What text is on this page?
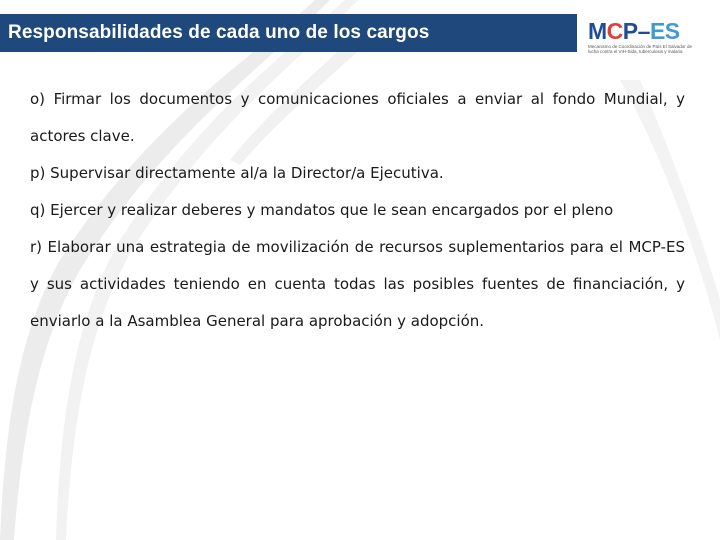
Responsabilidades de cada uno de los cargos	MCP–ES
Mecanismo de Coordinación de País El Salvador de lucha contra el VIH-Sida, tuberculosis y malaria

o) Firmar los documentos y comunicaciones oficiales a enviar al fondo Mundial, y actores clave.

p) Supervisar directamente al/a la Director/a Ejecutiva.

q) Ejercer y realizar deberes y mandatos que le sean encargados por el pleno

r) Elaborar una estrategia de movilización de recursos suplementarios para el MCP-ES y sus actividades teniendo en cuenta todas las posibles fuentes de financiación, y enviarlo a la Asamblea General para aprobación y adopción.
